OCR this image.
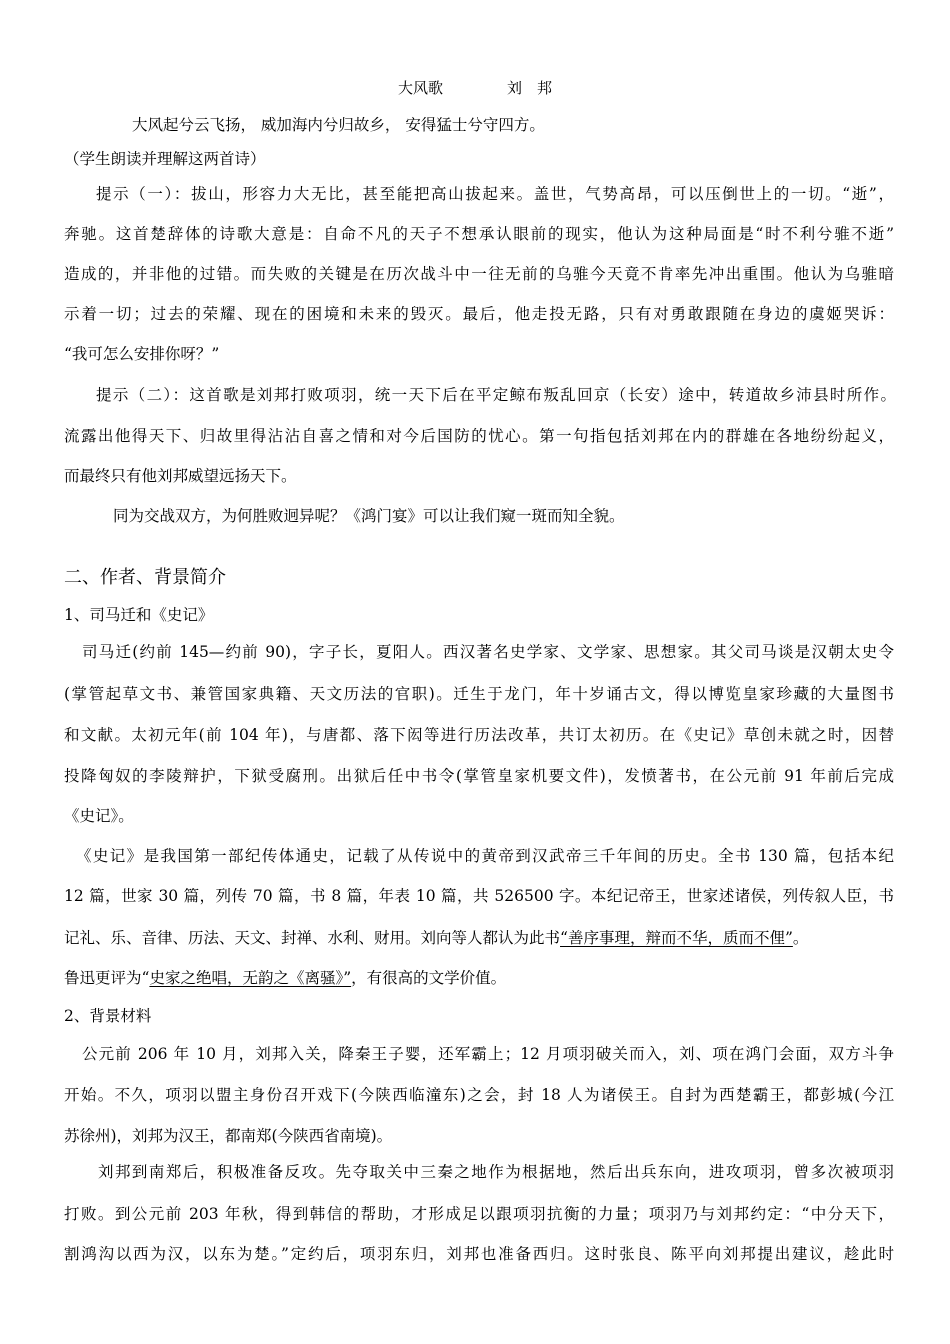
大风歌	刘　邦
大风起兮云飞扬， 威加海内兮归故乡， 安得猛士兮守四方。
（学生朗读并理解这两首诗）
提示（一）：拔山，形容力大无比，甚至能把高山拔起来。盖世，气势高昂，可以压倒世上的一切。“逝”，
奔驰。这首楚辞体的诗歌大意是：自命不凡的天子不想承认眼前的现实，他认为这种局面是“时不利兮骓不逝”
造成的，并非他的过错。而失败的关键是在历次战斗中一往无前的乌骓今天竟不肯率先冲出重围。他认为乌骓暗
示着一切；过去的荣耀、现在的困境和未来的毁灭。最后，他走投无路，只有对勇敢跟随在身边的虞姬哭诉：
“我可怎么安排你呀？”
提示（二）：这首歌是刘邦打败项羽，统一天下后在平定鲸布叛乱回京（长安）途中，转道故乡沛县时所作。
流露出他得天下、归故里得沾沾自喜之情和对今后国防的忧心。第一句指包括刘邦在内的群雄在各地纷纷起义，
而最终只有他刘邦威望远扬天下。
同为交战双方，为何胜败迥异呢？《鸿门宴》可以让我们窥一斑而知全貌。
二、作者、背景简介
1、司马迁和《史记》
司马迁(约前 145—约前 90)，字子长，夏阳人。西汉著名史学家、文学家、思想家。其父司马谈是汉朝太史令
(掌管起草文书、兼管国家典籍、天文历法的官职)。迁生于龙门，年十岁诵古文，得以博览皇家珍藏的大量图书
和文献。太初元年(前 104 年)，与唐都、落下闳等进行历法改革，共订太初历。在《史记》草创未就之时，因替
投降匈奴的李陵辩护，下狱受腐刑。出狱后任中书令(掌管皇家机要文件)，发愤著书，在公元前 91 年前后完成
《史记》。
《史记》是我国第一部纪传体通史，记载了从传说中的黄帝到汉武帝三千年间的历史。全书 130 篇，包括本纪
12 篇，世家 30 篇，列传 70 篇，书 8 篇，年表 10 篇，共 526500 字。本纪记帝王，世家述诸侯，列传叙人臣，书
记礼、乐、音律、历法、天文、封禅、水利、财用。刘向等人都认为此书“善序事理，辩而不华，质而不俚”。
鲁迅更评为“史家之绝唱，无韵之《离骚》”，有很高的文学价值。
2、背景材料
公元前 206 年 10 月，刘邦入关，降秦王子婴，还军霸上；12 月项羽破关而入，刘、项在鸿门会面，双方斗争
开始。不久，项羽以盟主身份召开戏下(今陕西临潼东)之会，封 18 人为诸侯王。自封为西楚霸王，都彭城(今江
苏徐州)，刘邦为汉王，都南郑(今陕西省南境)。
刘邦到南郑后，积极准备反攻。先夺取关中三秦之地作为根据地，然后出兵东向，进攻项羽，曾多次被项羽
打败。到公元前 203 年秋，得到韩信的帮助，才形成足以跟项羽抗衡的力量；项羽乃与刘邦约定：“中分天下，
割鸿沟以西为汉，以东为楚。”定约后，项羽东归，刘邦也准备西归。这时张良、陈平向刘邦提出建议，趁此时
